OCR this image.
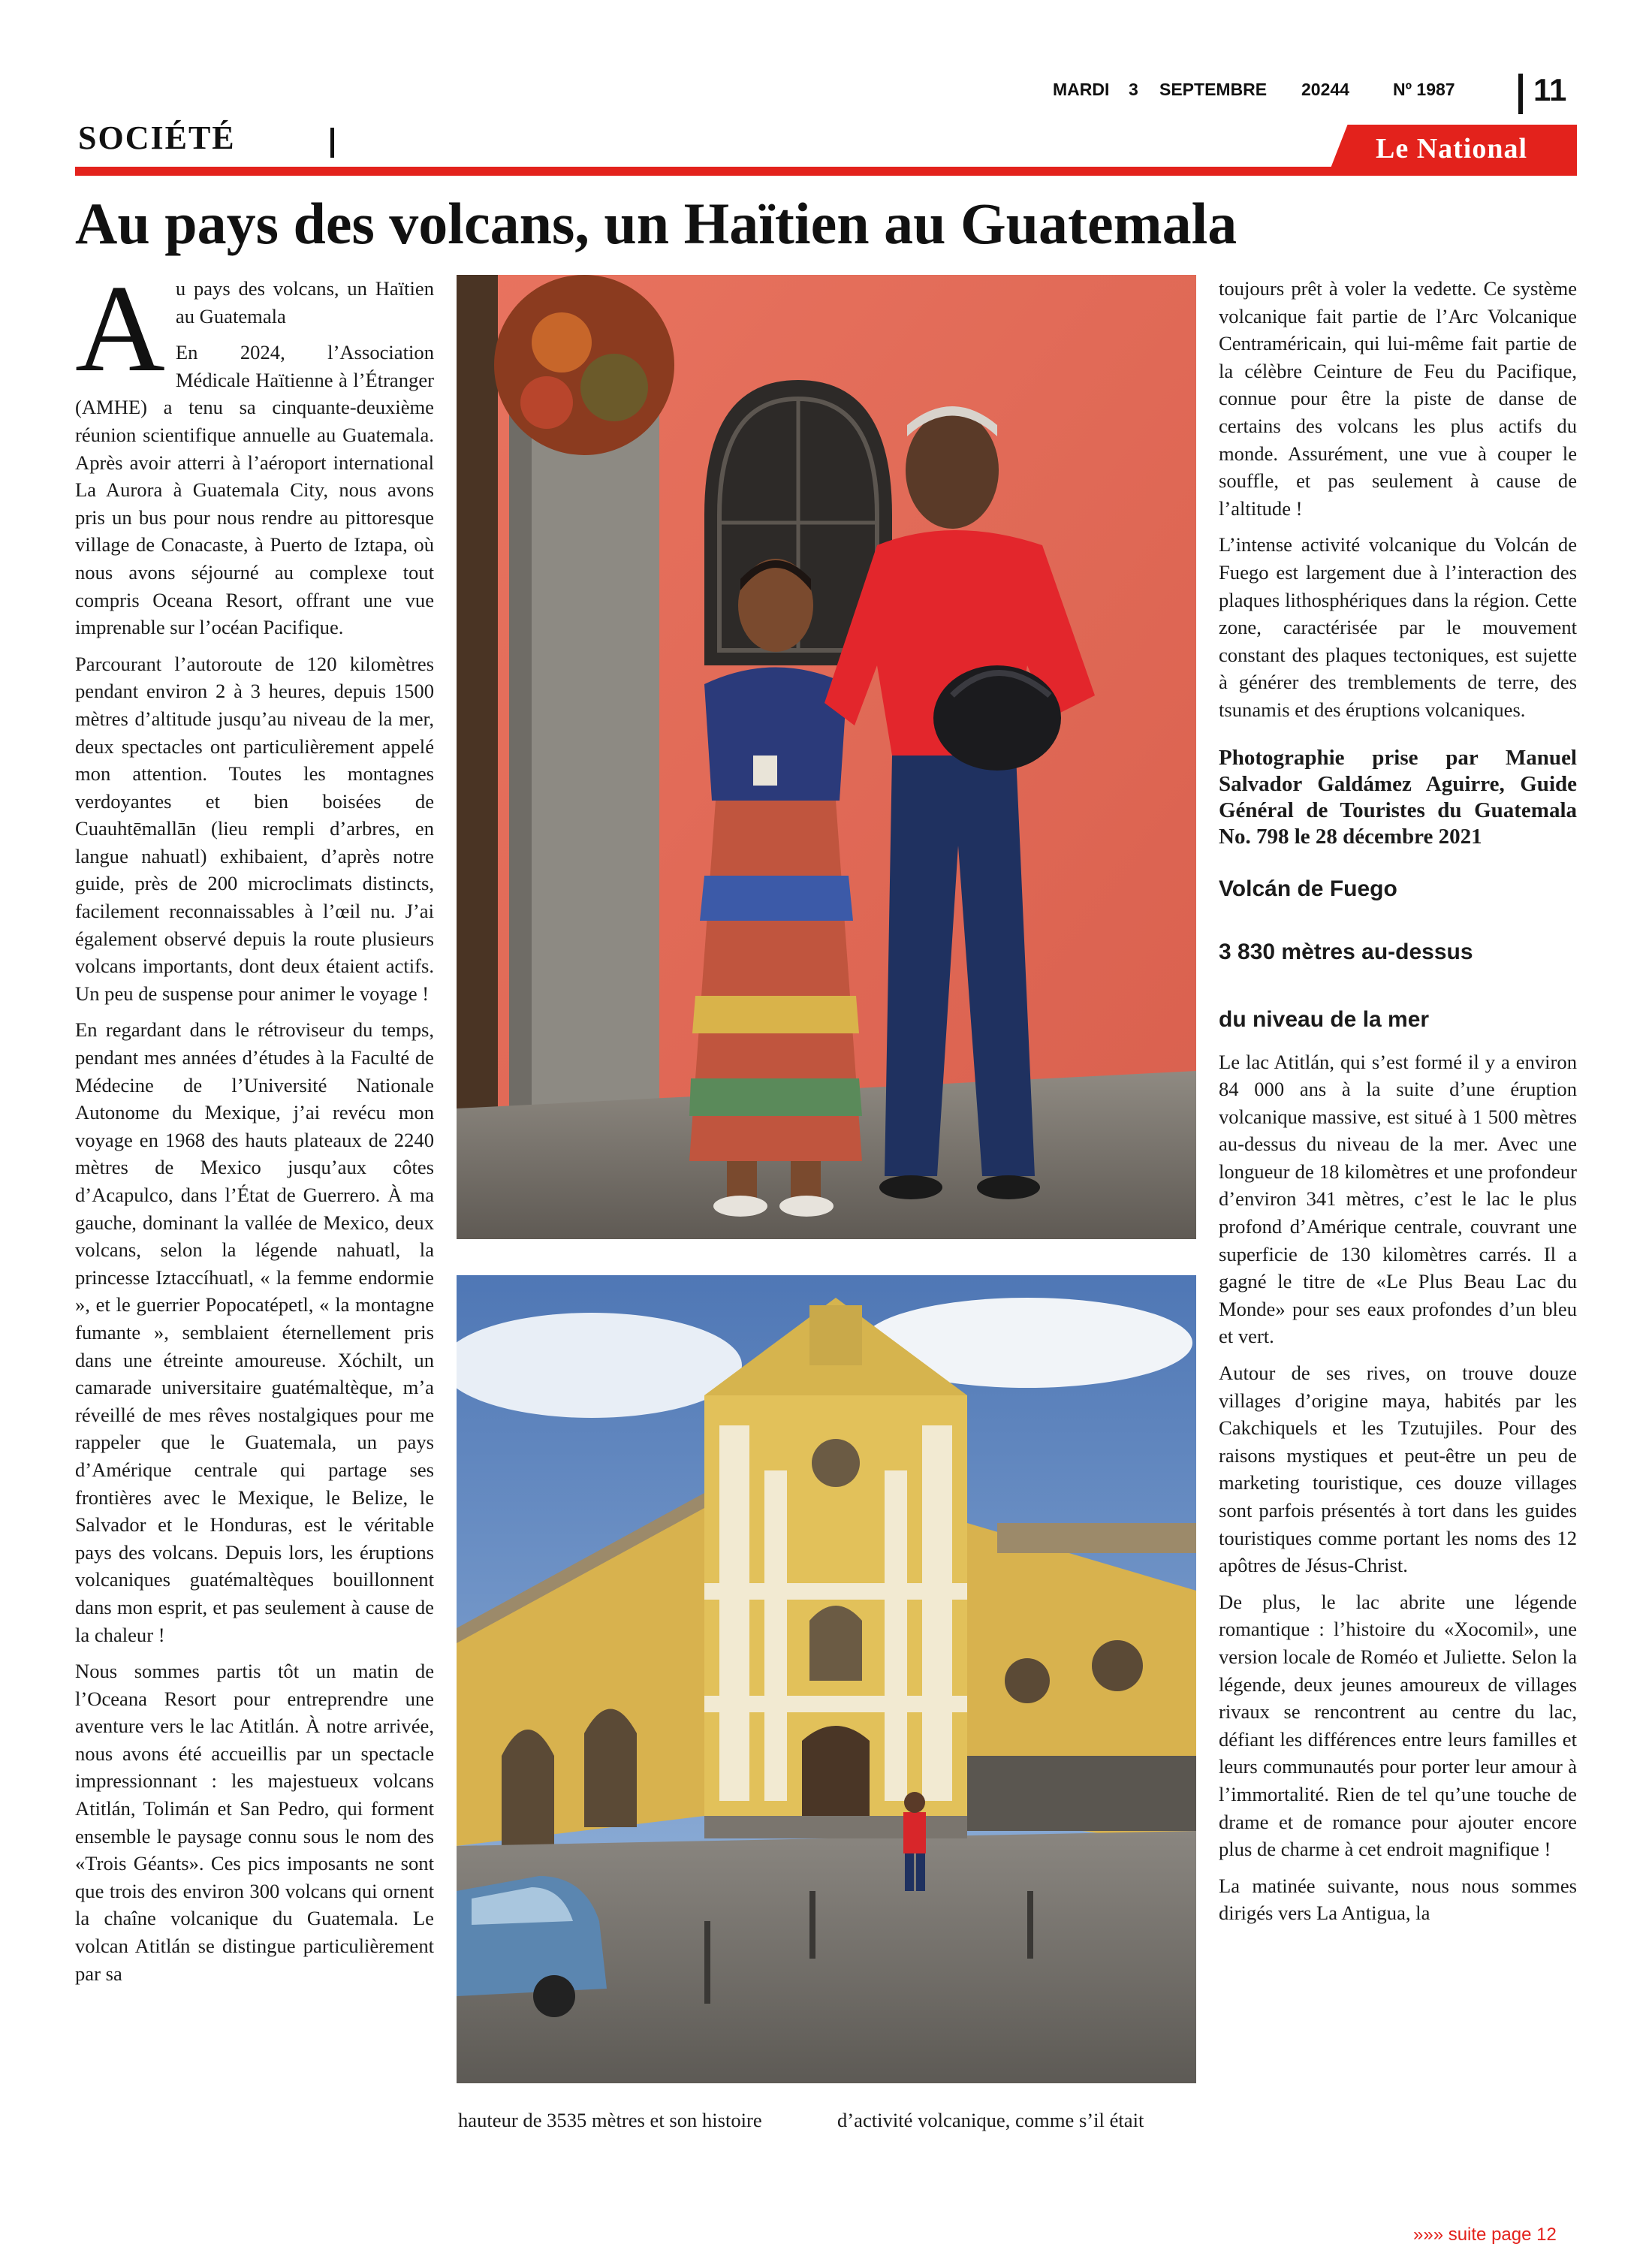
MARDI 3 SEPTEMBRE 20244	Nº 1987 11
SOCIÉTÉ	Le National
Au pays des volcans, un Haïtien au Guatemala

Au pays des volcans, un Haïtien au Guatemala

En 2024, l’Association Médicale Haïtienne à l’Étranger (AMHE) a tenu sa cinquante-deuxième réunion scientifique annuelle au Guatemala. Après avoir atterri à l’aéroport international La Aurora à Guatemala City, nous avons pris un bus pour nous rendre au pittoresque village de Conacaste, à Puerto de Iztapa, où nous avons séjourné au complexe tout compris Oceana Resort, offrant une vue imprenable sur l’océan Pacifique.

Parcourant l’autoroute de 120 kilomètres pendant environ 2 à 3 heures, depuis 1500 mètres d’altitude jusqu’au niveau de la mer, deux spectacles ont particulièrement appelé mon attention. Toutes les montagnes verdoyantes et bien boisées de Cuauhtēmallān (lieu rempli d’arbres, en langue nahuatl) exhibaient, d’après notre guide, près de 200 microclimats distincts, facilement reconnaissables à l’œil nu. J’ai également observé depuis la route plusieurs volcans importants, dont deux étaient actifs. Un peu de suspense pour animer le voyage !

En regardant dans le rétroviseur du temps, pendant mes années d’études à la Faculté de Médecine de l’Université Nationale Autonome du Mexique, j’ai revécu mon voyage en 1968 des hauts plateaux de 2240 mètres de Mexico jusqu’aux côtes d’Acapulco, dans l’État de Guerrero. À ma gauche, dominant la vallée de Mexico, deux volcans, selon la légende nahuatl, la princesse Iztaccíhuatl, « la femme endormie », et le guerrier Popocatépetl, « la montagne fumante », semblaient éternellement pris dans une étreinte amoureuse. Xóchilt, un camarade universitaire guatémaltèque, m’a réveillé de mes rêves nostalgiques pour me rappeler que le Guatemala, un pays d’Amérique centrale qui partage ses frontières avec le Mexique, le Belize, le Salvador et le Honduras, est le véritable pays des volcans. Depuis lors, les éruptions volcaniques guatémaltèques bouillonnent dans mon esprit, et pas seulement à cause de la chaleur !

Nous sommes partis tôt un matin de l’Oceana Resort pour entreprendre une aventure vers le lac Atitlán. À notre arrivée, nous avons été accueillis par un spectacle impressionnant : les majestueux volcans Atitlán, Tolimán et San Pedro, qui forment ensemble le paysage connu sous le nom des «Trois Géants». Ces pics imposants ne sont que trois des environ 300 volcans qui ornent la chaîne volcanique du Guatemala. Le volcan Atitlán se distingue particulièrement par sa

hauteur de 3535 mètres et son histoire	d’activité volcanique, comme s’il était

toujours prêt à voler la vedette. Ce système volcanique fait partie de l’Arc Volcanique Centraméricain, qui lui-même fait partie de la célèbre Ceinture de Feu du Pacifique, connue pour être la piste de danse de certains des volcans les plus actifs du monde. Assurément, une vue à couper le souffle, et pas seulement à cause de l’altitude !

L’intense activité volcanique du Volcán de Fuego est largement due à l’interaction des plaques lithosphériques dans la région. Cette zone, caractérisée par le mouvement constant des plaques tectoniques, est sujette à générer des tremblements de terre, des tsunamis et des éruptions volcaniques.

Photographie prise par Manuel Salvador Galdámez Aguirre, Guide Général de Touristes du Guatemala No. 798 le 28 décembre 2021

Volcán de Fuego

3 830 mètres au-dessus

du niveau de la mer

Le lac Atitlán, qui s’est formé il y a environ 84 000 ans à la suite d’une éruption volcanique massive, est situé à 1 500 mètres au-dessus du niveau de la mer. Avec une longueur de 18 kilomètres et une profondeur d’environ 341 mètres, c’est le lac le plus profond d’Amérique centrale, couvrant une superficie de 130 kilomètres carrés. Il a gagné le titre de «Le Plus Beau Lac du Monde» pour ses eaux profondes d’un bleu et vert.

Autour de ses rives, on trouve douze villages d’origine maya, habités par les Cakchiquels et les Tzutujiles. Pour des raisons mystiques et peut-être un peu de marketing touristique, ces douze villages sont parfois présentés à tort dans les guides touristiques comme portant les noms des 12 apôtres de Jésus-Christ.

De plus, le lac abrite une légende romantique : l’histoire du «Xocomil», une version locale de Roméo et Juliette. Selon la légende, deux jeunes amoureux de villages rivaux se rencontrent au centre du lac, défiant les différences entre leurs familles et leurs communautés pour porter leur amour à l’immortalité. Rien de tel qu’une touche de drame et de romance pour ajouter encore plus de charme à cet endroit magnifique !

La matinée suivante, nous nous sommes dirigés vers La Antigua, la

»»» suite page 12
